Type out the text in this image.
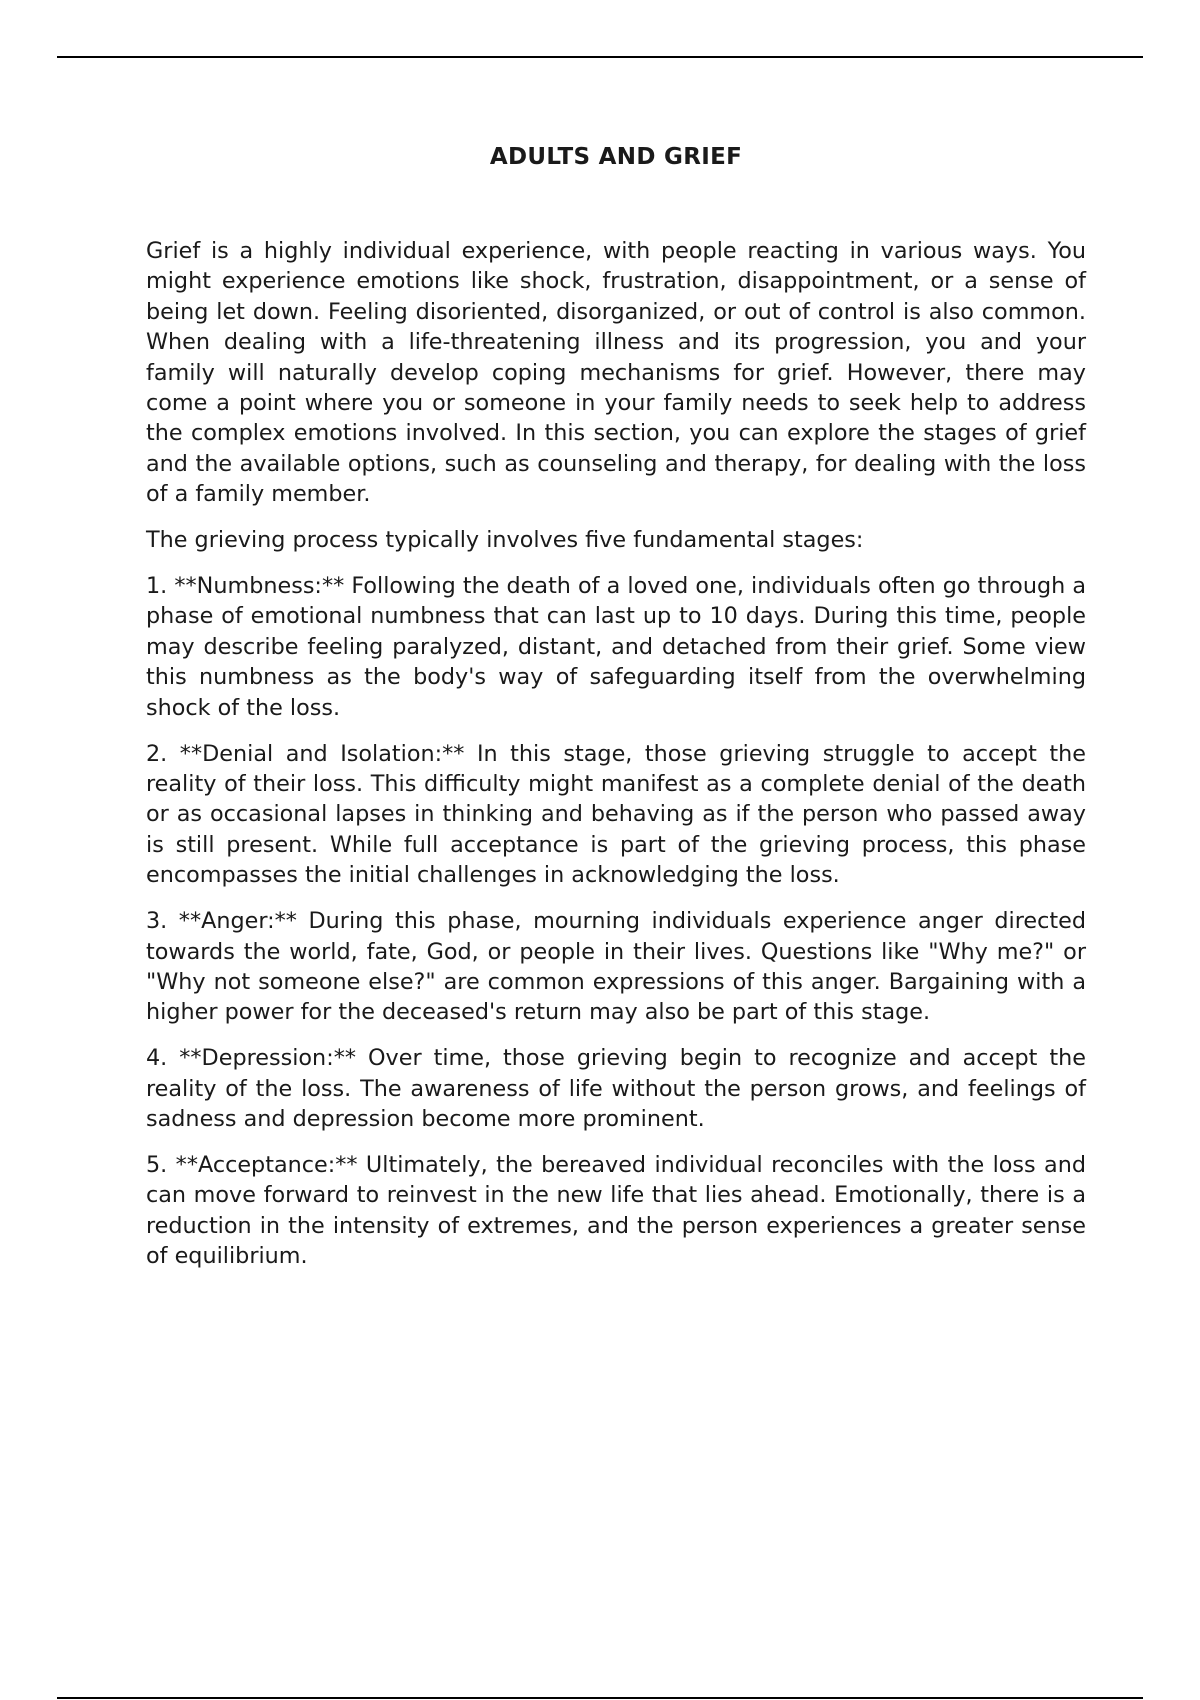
ADULTS AND GRIEF

Grief is a highly individual experience, with people reacting in various ways. You might experience emotions like shock, frustration, disappointment, or a sense of being let down. Feeling disoriented, disorganized, or out of control is also common. When dealing with a life-threatening illness and its progression, you and your family will naturally develop coping mechanisms for grief. However, there may come a point where you or someone in your family needs to seek help to address the complex emotions involved. In this section, you can explore the stages of grief and the available options, such as counseling and therapy, for dealing with the loss of a family member.

The grieving process typically involves five fundamental stages:

1. **Numbness:** Following the death of a loved one, individuals often go through a phase of emotional numbness that can last up to 10 days. During this time, people may describe feeling paralyzed, distant, and detached from their grief. Some view this numbness as the body's way of safeguarding itself from the overwhelming shock of the loss.

2. **Denial and Isolation:** In this stage, those grieving struggle to accept the reality of their loss. This difficulty might manifest as a complete denial of the death or as occasional lapses in thinking and behaving as if the person who passed away is still present. While full acceptance is part of the grieving process, this phase encompasses the initial challenges in acknowledging the loss.

3. **Anger:** During this phase, mourning individuals experience anger directed towards the world, fate, God, or people in their lives. Questions like "Why me?" or "Why not someone else?" are common expressions of this anger. Bargaining with a higher power for the deceased's return may also be part of this stage.

4. **Depression:** Over time, those grieving begin to recognize and accept the reality of the loss. The awareness of life without the person grows, and feelings of sadness and depression become more prominent.

5. **Acceptance:** Ultimately, the bereaved individual reconciles with the loss and can move forward to reinvest in the new life that lies ahead. Emotionally, there is a reduction in the intensity of extremes, and the person experiences a greater sense of equilibrium.
